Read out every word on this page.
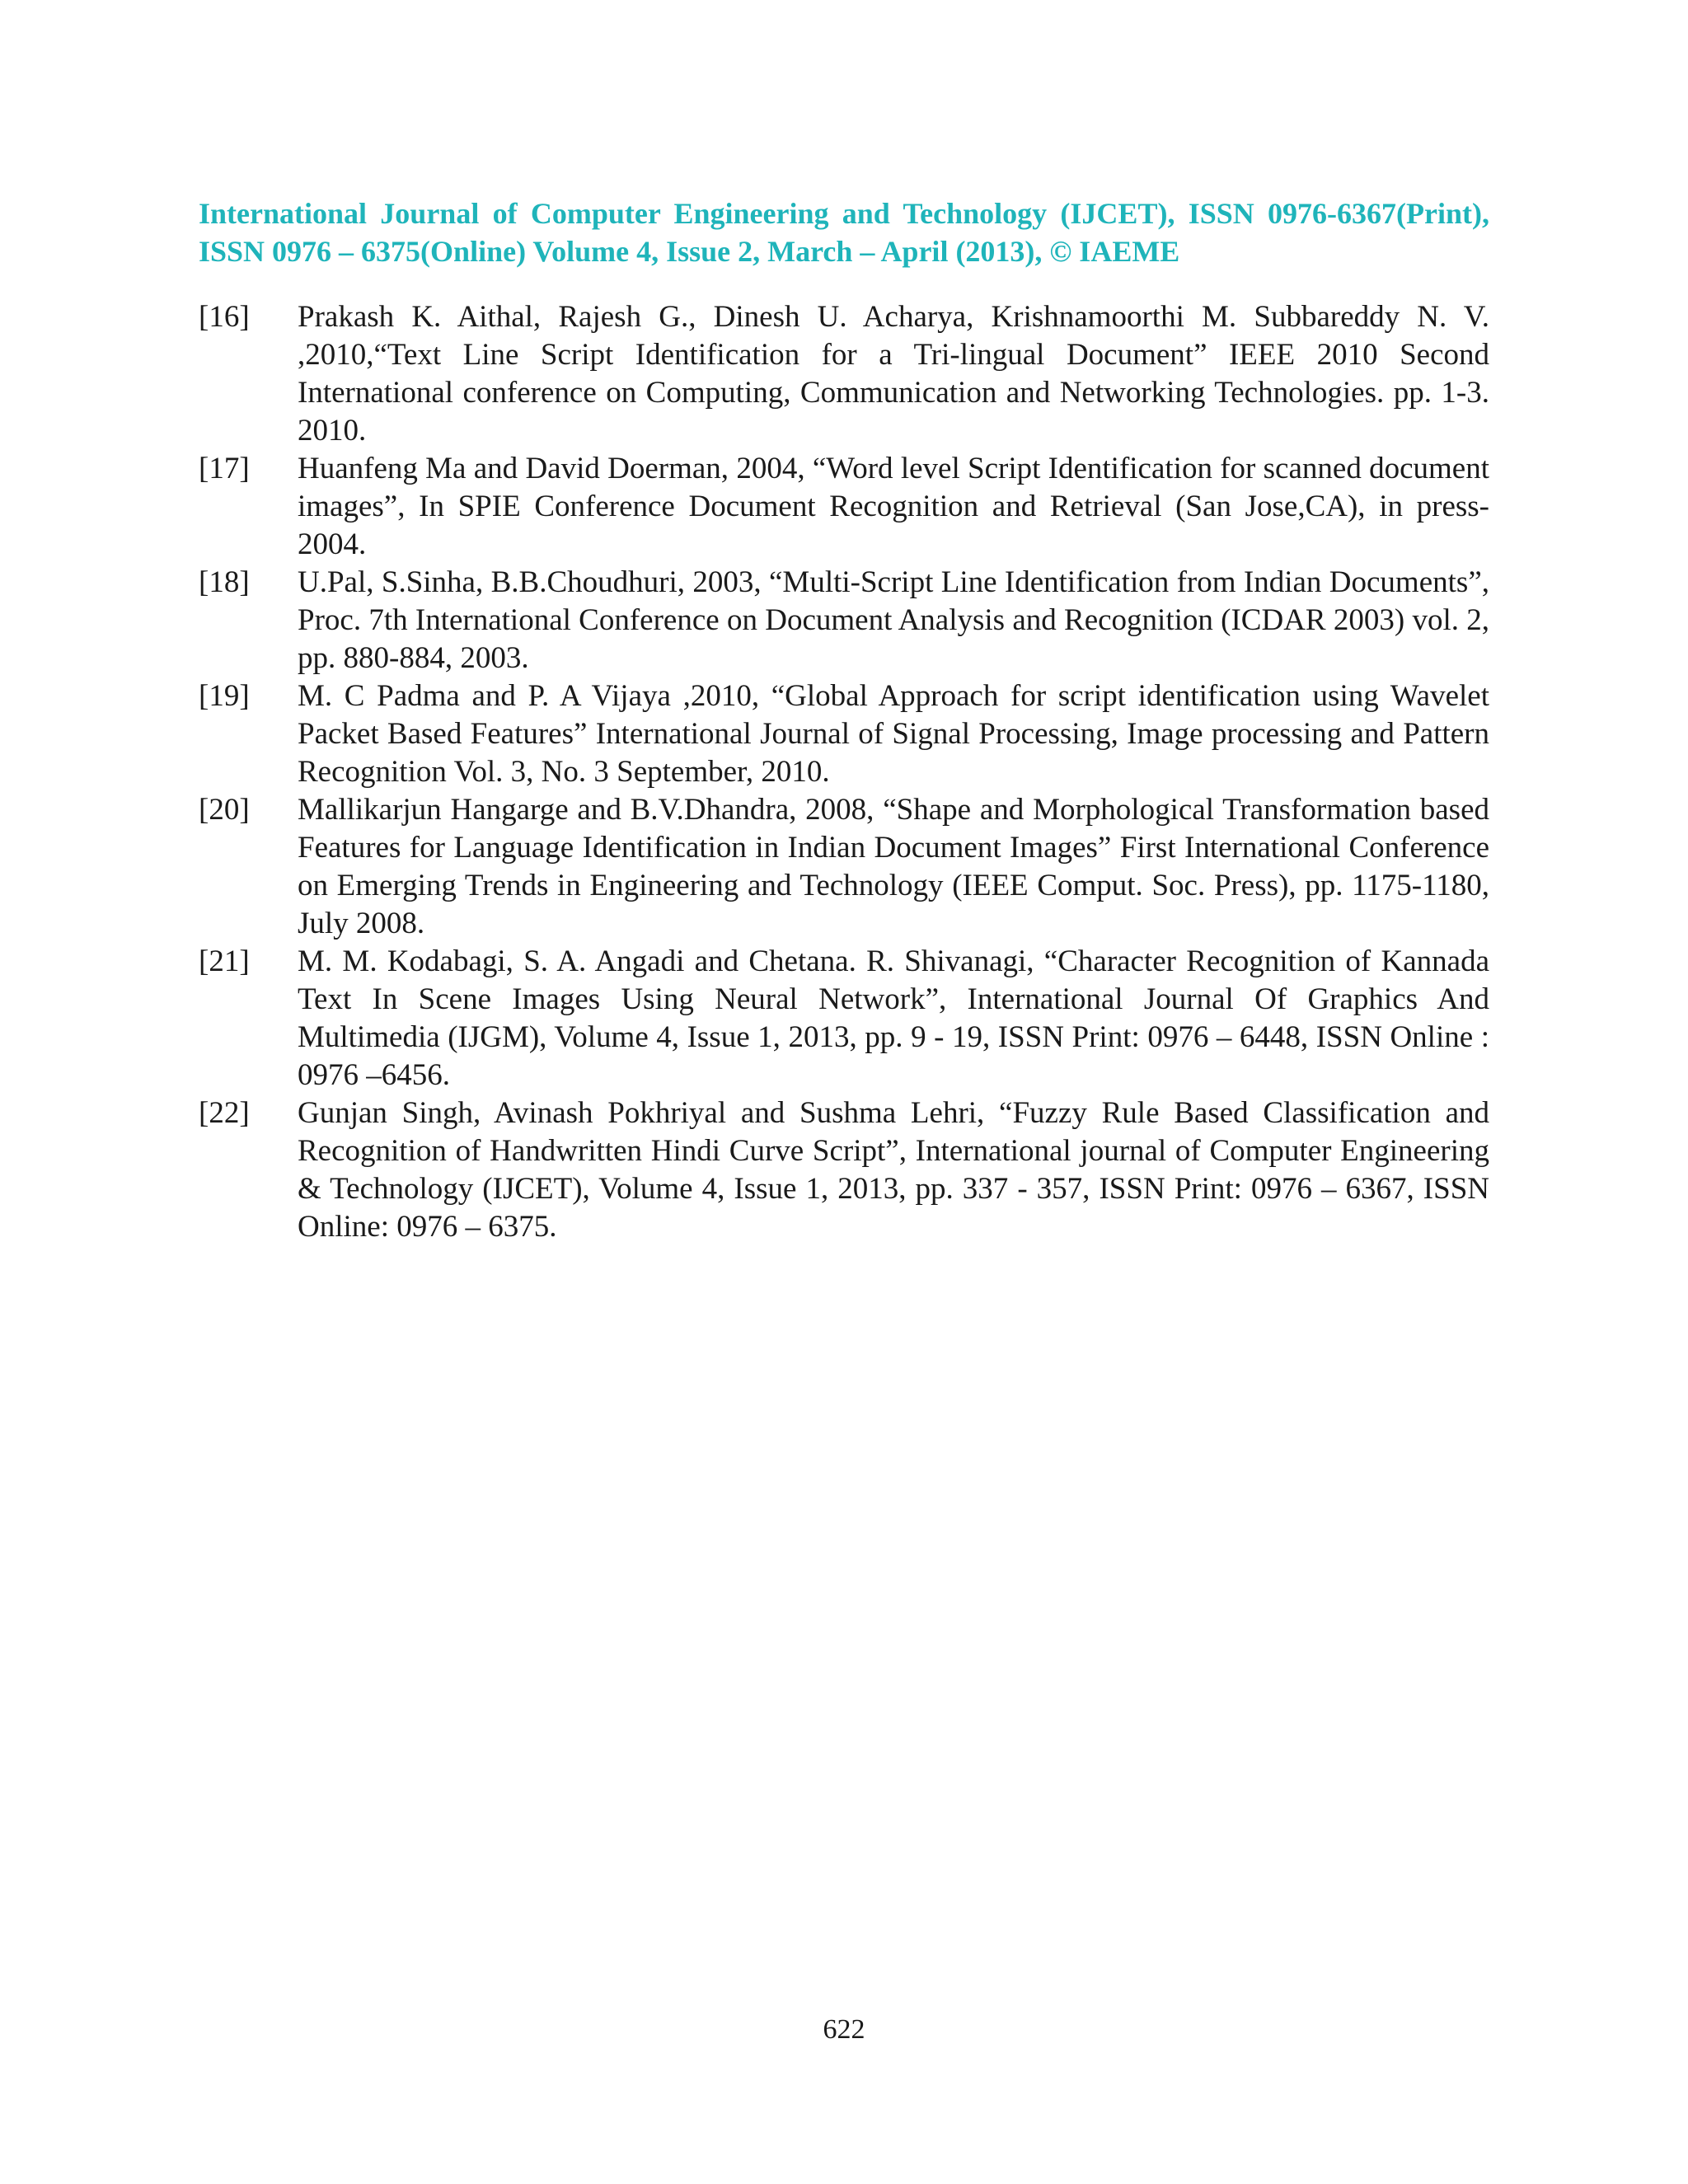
International Journal of Computer Engineering and Technology (IJCET), ISSN 0976-6367(Print), ISSN 0976 – 6375(Online) Volume 4, Issue 2, March – April (2013), © IAEME
[16]	Prakash K. Aithal, Rajesh G., Dinesh U. Acharya, Krishnamoorthi M. Subbareddy N. V. ,2010,“Text Line Script Identification for a Tri-lingual Document” IEEE 2010 Second International conference on Computing, Communication and Networking Technologies. pp. 1-3. 2010.
[17]	Huanfeng Ma and David Doerman, 2004, “Word level Script Identification for scanned document images”, In SPIE Conference Document Recognition and Retrieval (San Jose,CA), in press-2004.
[18]	U.Pal, S.Sinha, B.B.Choudhuri, 2003, “Multi-Script Line Identification from Indian Documents”, Proc. 7th International Conference on Document Analysis and Recognition (ICDAR 2003) vol. 2, pp. 880-884, 2003.
[19]	M. C Padma and P. A Vijaya ,2010, “Global Approach for script identification using Wavelet Packet Based Features” International Journal of Signal Processing, Image processing and Pattern Recognition Vol. 3, No. 3 September, 2010.
[20]	Mallikarjun Hangarge and B.V.Dhandra, 2008, “Shape and Morphological Transformation based Features for Language Identification in Indian Document Images” First International Conference on Emerging Trends in Engineering and Technology (IEEE Comput. Soc. Press), pp. 1175-1180, July 2008.
[21]	M. M. Kodabagi, S. A. Angadi and Chetana. R. Shivanagi, “Character Recognition of Kannada Text In Scene Images Using Neural Network”, International Journal Of Graphics And Multimedia (IJGM), Volume 4, Issue 1, 2013, pp. 9 - 19, ISSN Print: 0976 – 6448, ISSN Online : 0976 –6456.
[22]	Gunjan Singh, Avinash Pokhriyal and Sushma Lehri, “Fuzzy Rule Based Classification and Recognition of Handwritten Hindi Curve Script”, International journal of Computer Engineering & Technology (IJCET), Volume 4, Issue 1, 2013, pp. 337 - 357, ISSN Print: 0976 – 6367, ISSN Online: 0976 – 6375.
622
